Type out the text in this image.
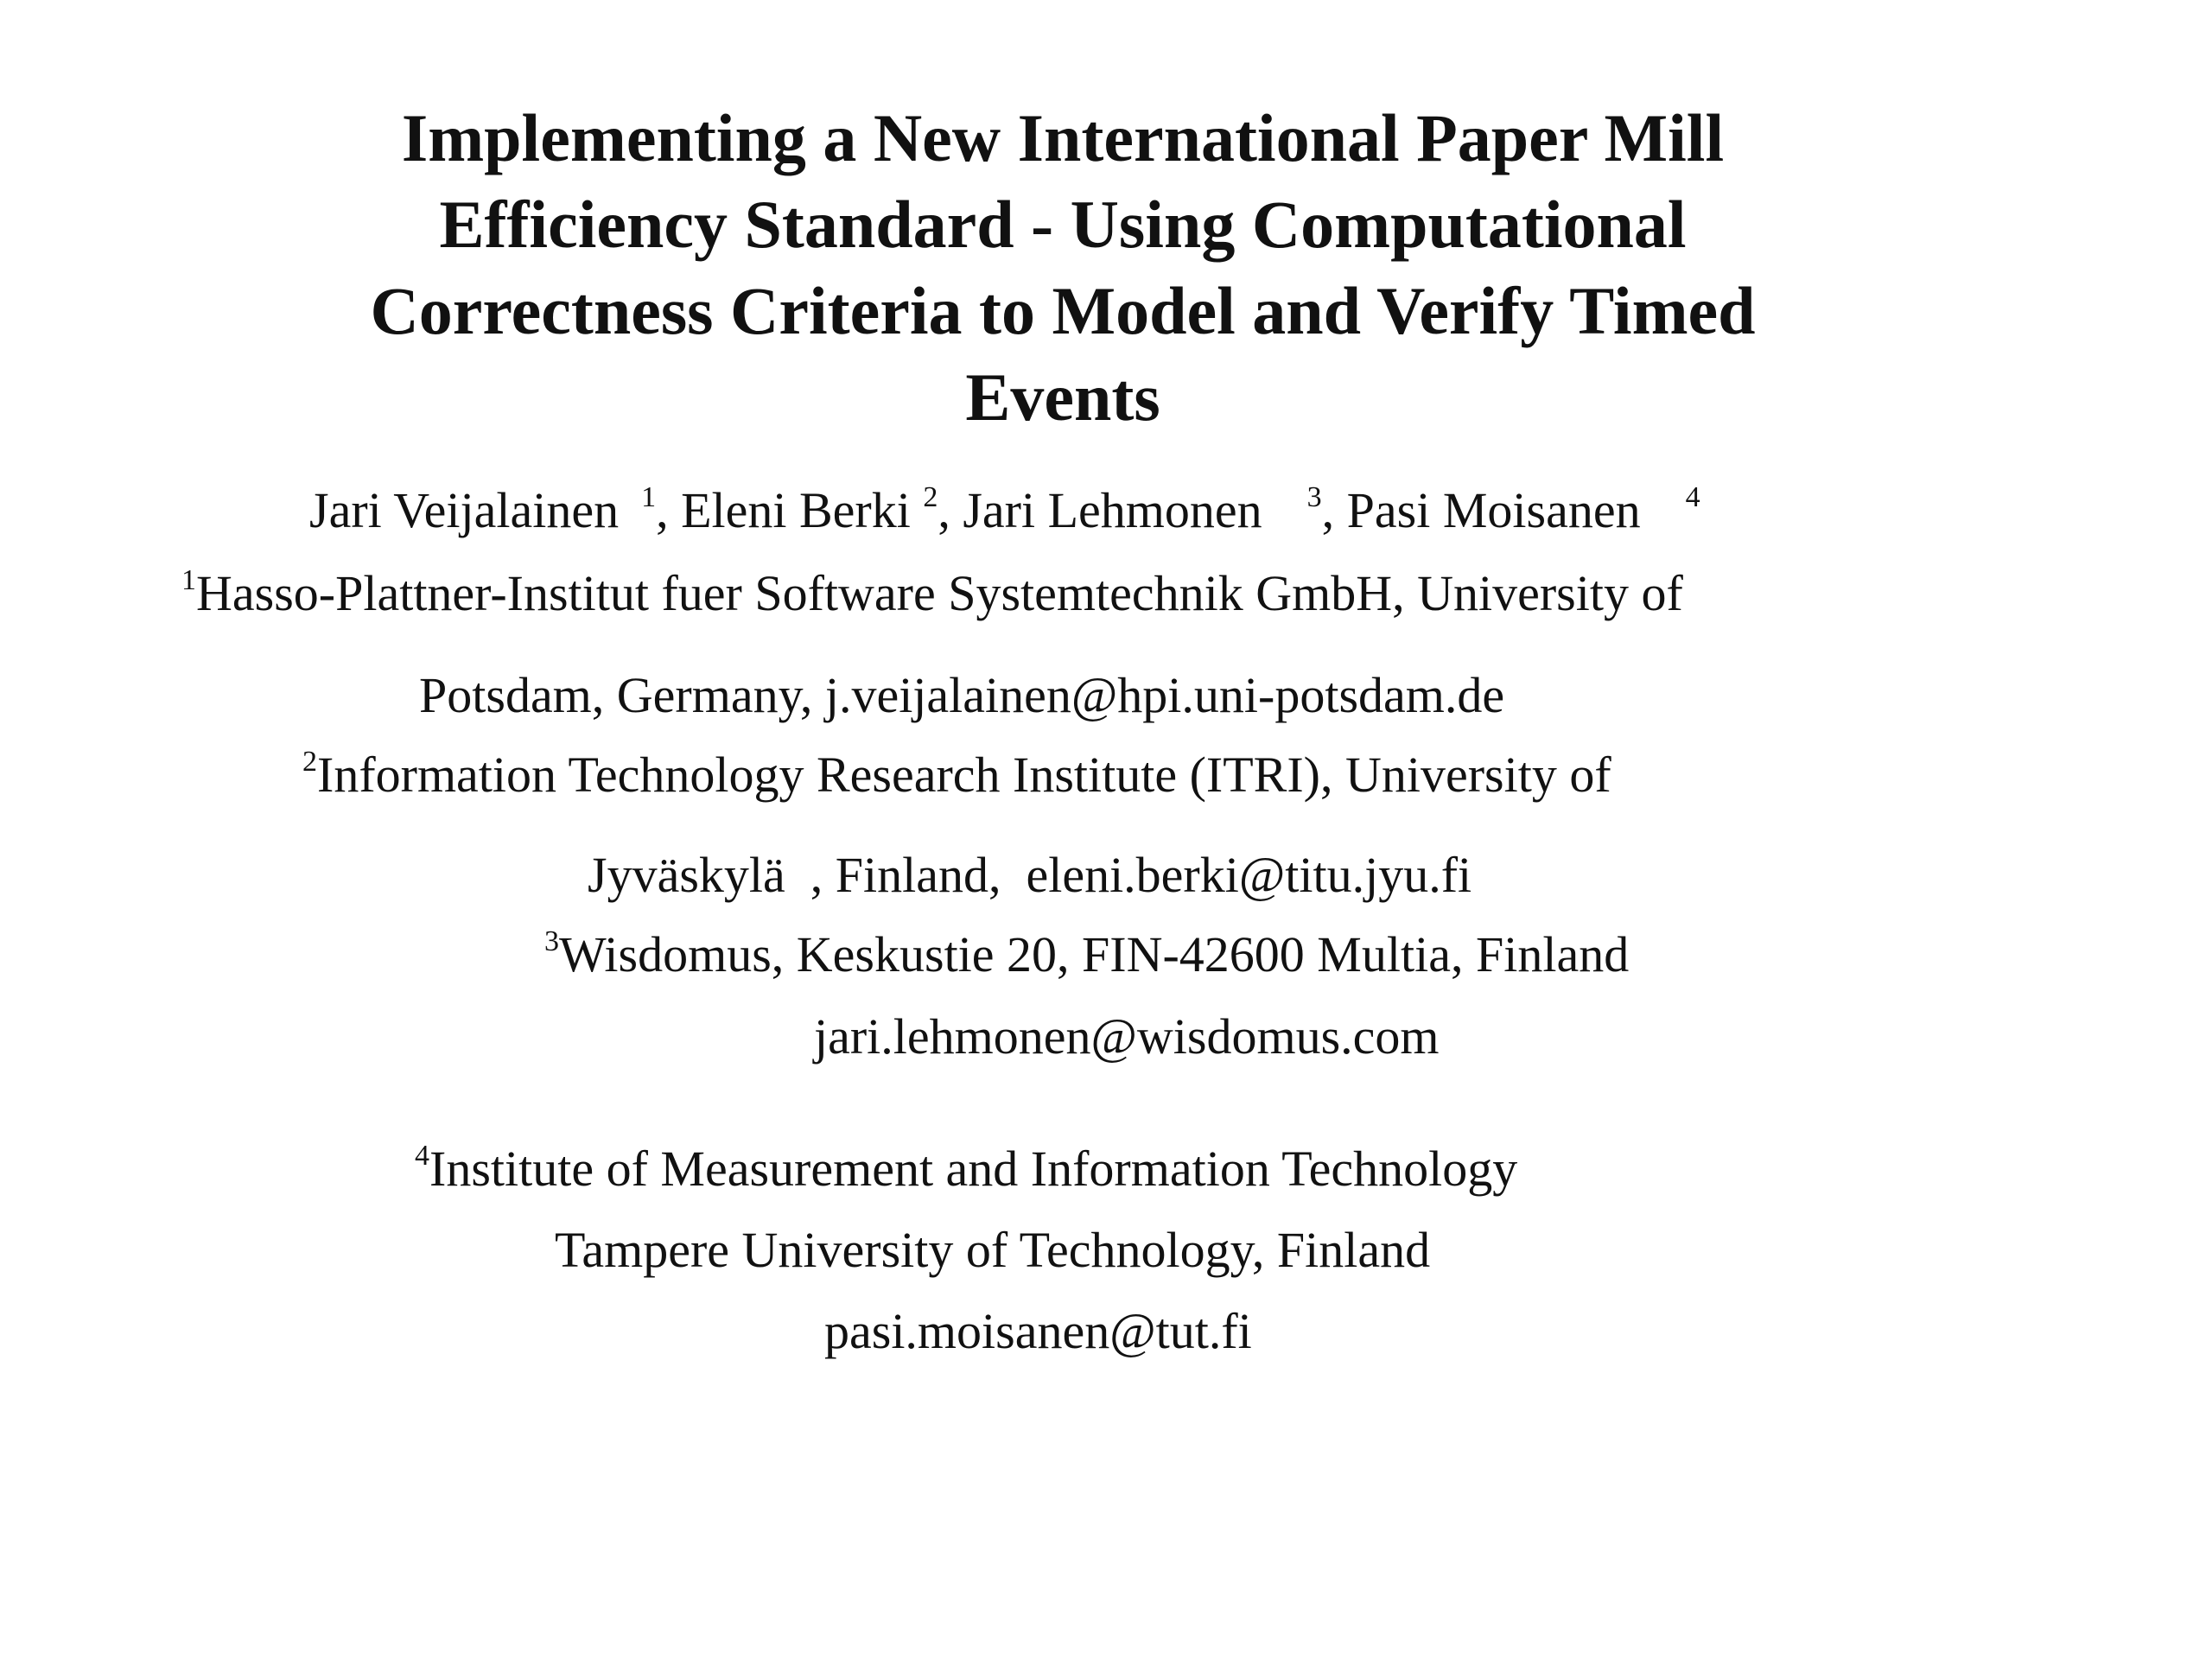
Implementing a New International Paper Mill
Efficiency Standard - Using Computational
Correctness Criteria to Model and Verify Timed
Events
Jari Veijalainen $^1$, Eleni Berki $^2$, Jari Lehmonen $^3$, Pasi Moisanen $^4$
$^1$Hasso-Plattner-Institut fuer Software Systemtechnik GmbH, University of
Potsdam, Germany, j.veijalainen@hpi.uni-potsdam.de
$^2$Information Technology Research Institute (ITRI), University of
Jyväskylä  , Finland,  eleni.berki@titu.jyu.fi
$^3$Wisdomus, Keskustie 20, FIN-42600 Multia, Finland
jari.lehmonen@wisdomus.com
$^4$Institute of Measurement and Information Technology
Tampere University of Technology, Finland
pasi.moisanen@tut.fi
